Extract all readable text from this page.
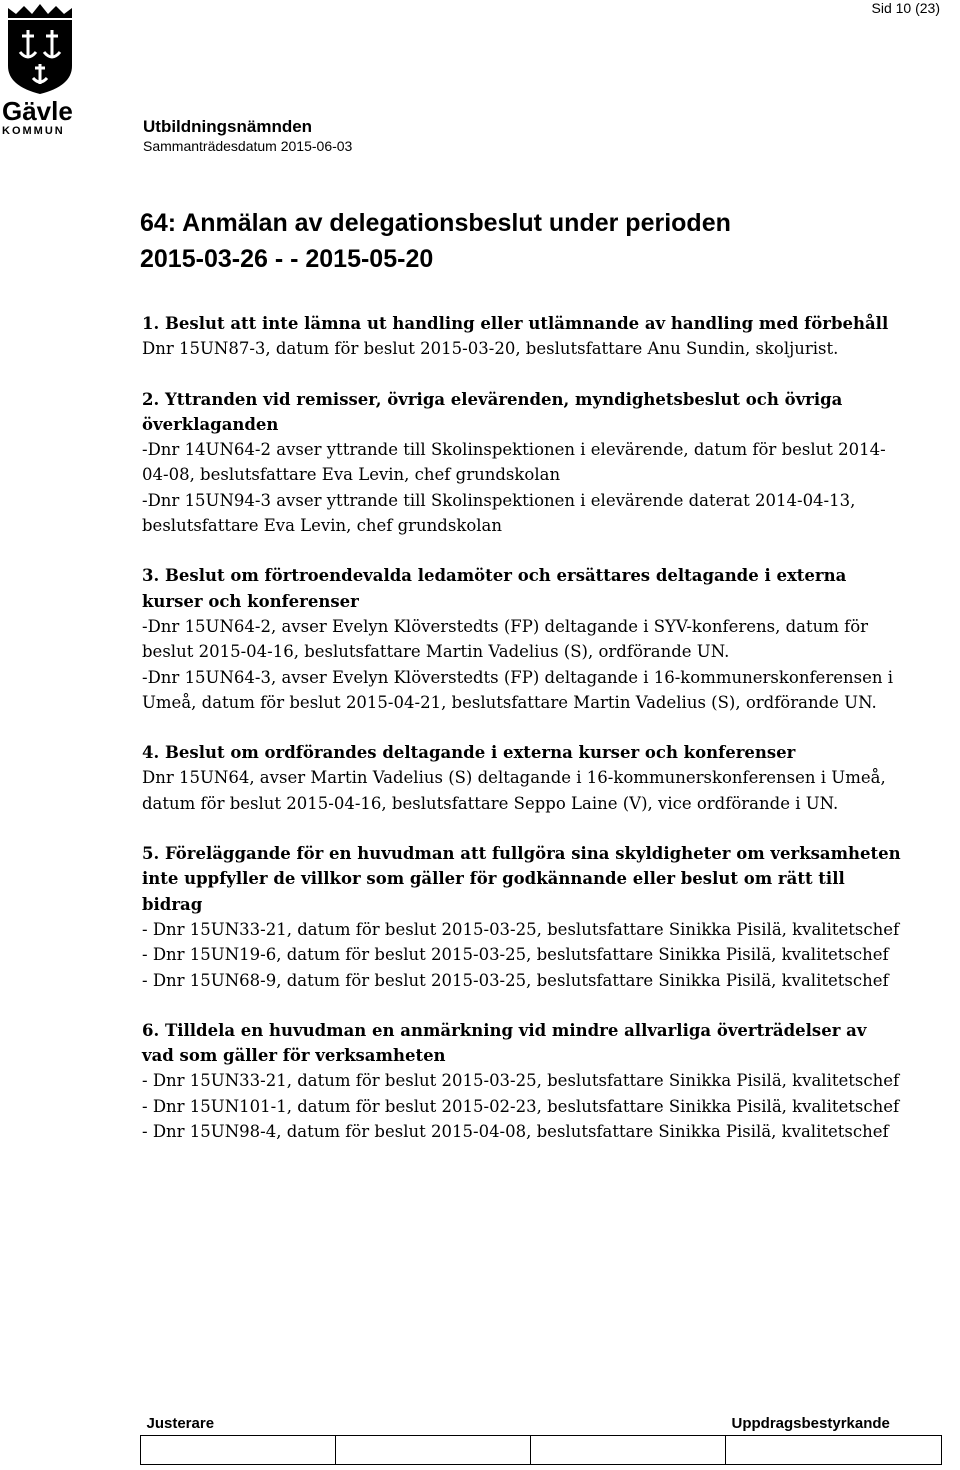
Sid 10 (23)
Gävle
KOMMUN	Utbildningsnämnden
Sammanträdesdatum 2015-06-03
64: Anmälan av delegationsbeslut under perioden
2015-03-26 - - 2015-05-20

1. Beslut att inte lämna ut handling eller utlämnande av handling med förbehåll

Dnr 15UN87-3, datum för beslut 2015-03-20, beslutsfattare Anu Sundin, skoljurist.

2. Yttranden vid remisser, övriga elevärenden, myndighetsbeslut och övriga överklaganden

-Dnr 14UN64-2 avser yttrande till Skolinspektionen i elevärende, datum för beslut 2014-04-08, beslutsfattare Eva Levin, chef grundskolan

-Dnr 15UN94-3 avser yttrande till Skolinspektionen i elevärende daterat 2014-04-13, beslutsfattare Eva Levin, chef grundskolan

3. Beslut om förtroendevalda ledamöter och ersättares deltagande i externa kurser och konferenser

-Dnr 15UN64-2, avser Evelyn Klöverstedts (FP) deltagande i SYV-konferens, datum för beslut 2015-04-16, beslutsfattare Martin Vadelius (S), ordförande UN.

-Dnr 15UN64-3, avser Evelyn Klöverstedts (FP) deltagande i 16-kommunerskonferensen i Umeå, datum för beslut 2015-04-21, beslutsfattare Martin Vadelius (S), ordförande UN.

4. Beslut om ordförandes deltagande i externa kurser och konferenser

Dnr 15UN64, avser Martin Vadelius (S) deltagande i 16-kommunerskonferensen i Umeå, datum för beslut 2015-04-16, beslutsfattare Seppo Laine (V), vice ordförande i UN.

5. Föreläggande för en huvudman att fullgöra sina skyldigheter om verksamheten inte uppfyller de villkor som gäller för godkännande eller beslut om rätt till bidrag

- Dnr 15UN33-21, datum för beslut 2015-03-25, beslutsfattare Sinikka Pisilä, kvalitetschef

- Dnr 15UN19-6, datum för beslut 2015-03-25, beslutsfattare Sinikka Pisilä, kvalitetschef

- Dnr 15UN68-9, datum för beslut 2015-03-25, beslutsfattare Sinikka Pisilä, kvalitetschef

6. Tilldela en huvudman en anmärkning vid mindre allvarliga överträdelser av vad som gäller för verksamheten

- Dnr 15UN33-21, datum för beslut 2015-03-25, beslutsfattare Sinikka Pisilä, kvalitetschef

- Dnr 15UN101-1, datum för beslut 2015-02-23, beslutsfattare Sinikka Pisilä, kvalitetschef

- Dnr 15UN98-4, datum för beslut 2015-04-08, beslutsfattare Sinikka Pisilä, kvalitetschef

Justerare			Uppdragsbestyrkande
